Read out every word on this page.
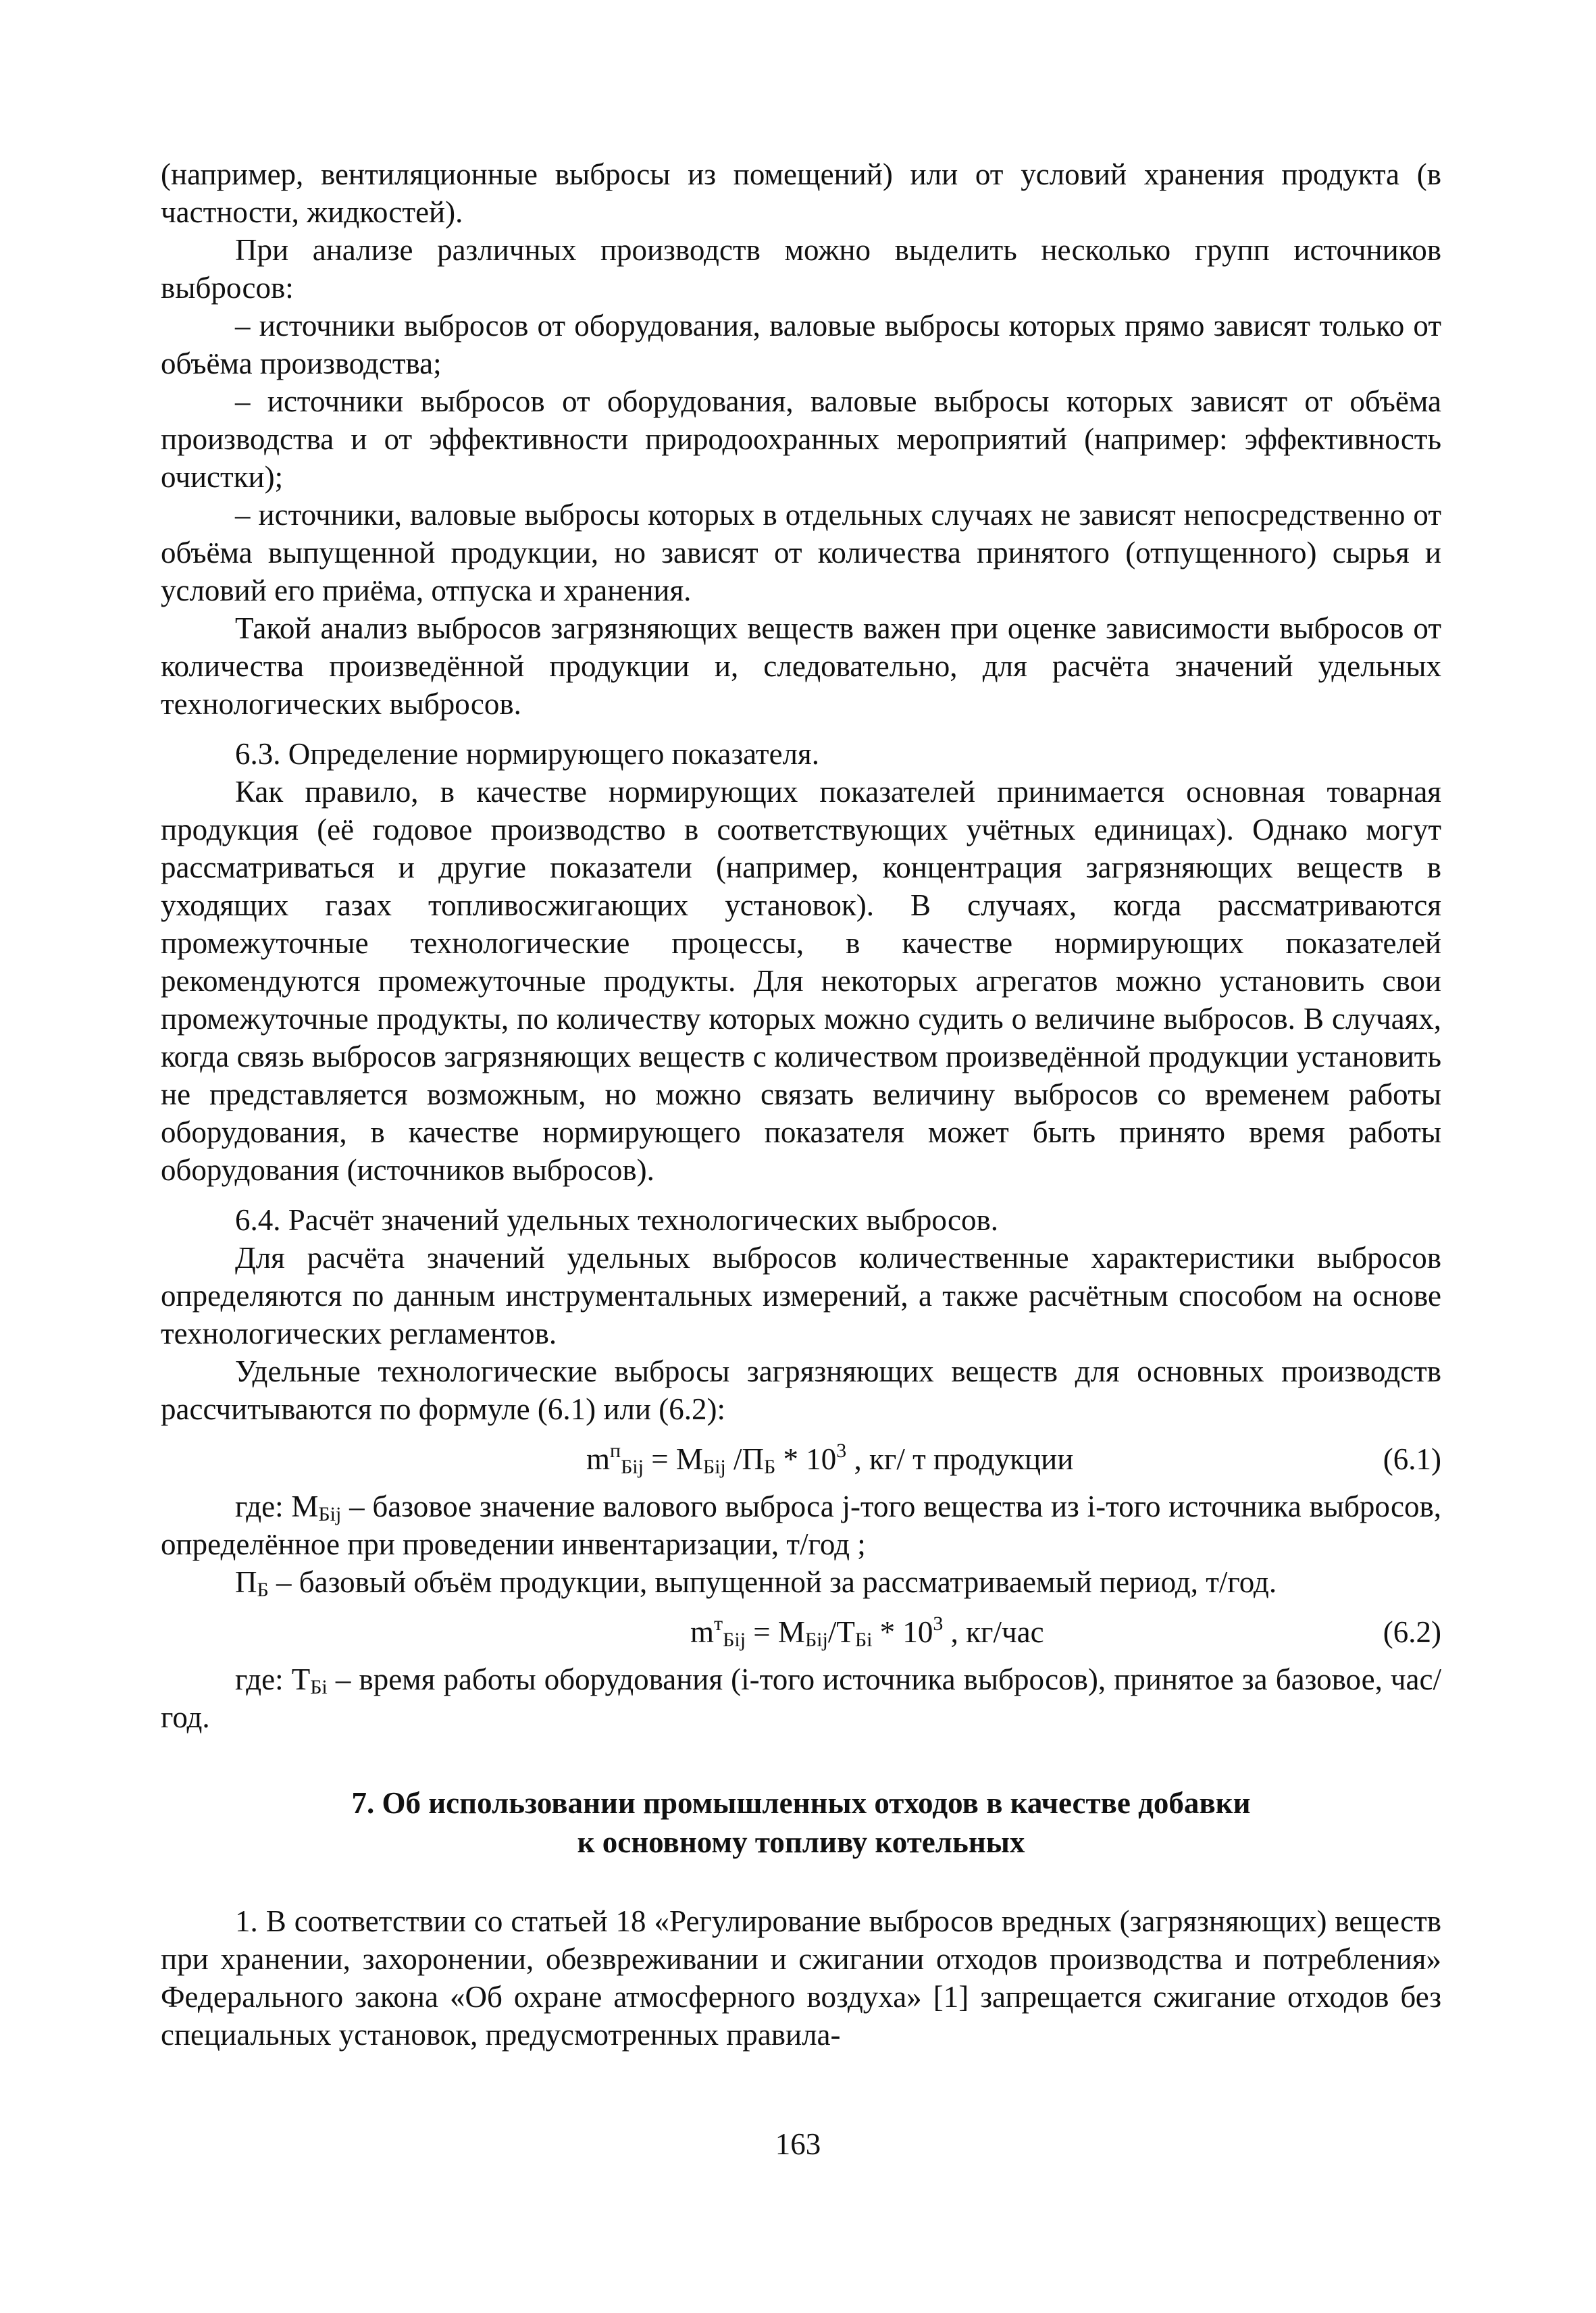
(например, вентиляционные выбросы из помещений) или от условий хранения продукта (в частности, жидкостей).

При анализе различных производств можно выделить несколько групп источников выбросов:

– источники выбросов от оборудования, валовые выбросы которых прямо зависят только от объёма производства;

– источники выбросов от оборудования, валовые выбросы которых зависят от объёма производства и от эффективности природоохранных мероприятий (например: эффективность очистки);

– источники, валовые выбросы которых в отдельных случаях не зависят непосредственно от объёма выпущенной продукции, но зависят от количества принятого (отпущенного) сырья и условий его приёма, отпуска и хранения.

Такой анализ выбросов загрязняющих веществ важен при оценке зависимости выбросов от количества произведённой продукции и, следовательно, для расчёта значений удельных технологических выбросов.

6.3. Определение нормирующего показателя.

Как правило, в качестве нормирующих показателей принимается основная товарная продукция (её годовое производство в соответствующих учётных единицах). Однако могут рассматриваться и другие показатели (например, концентрация загрязняющих веществ в уходящих газах топливосжигающих установок). В случаях, когда рассматриваются промежуточные технологические процессы, в качестве нормирующих показателей рекомендуются промежуточные продукты. Для некоторых агрегатов можно установить свои промежуточные продукты, по количеству которых можно судить о величине выбросов. В случаях, когда связь выбросов загрязняющих веществ с количеством произведённой продукции установить не представляется возможным, но можно связать величину выбросов со временем работы оборудования, в качестве нормирующего показателя может быть принято время работы оборудования (источников выбросов).

6.4. Расчёт значений удельных технологических выбросов.

Для расчёта значений удельных выбросов количественные характеристики выбросов определяются по данным инструментальных измерений, а также расчётным способом на основе технологических регламентов.

Удельные технологические выбросы загрязняющих веществ для основных производств рассчитываются по формуле (6.1) или (6.2):

$m^п_{Бij} = M_{Бij}$ $/П_Б * 10^3$ , кг/ т продукции	(6.1)

где: $M_{Бij}$ – базовое значение валового выброса j-того вещества из i-того источника выбросов, определённое при проведении инвентаризации, т/год ;

$П_Б$ – базовый объём продукции, выпущенной за рассматриваемый период, т/год.

$m^т_{Бij} = M_{Бij}/T_{Бi} * 10^3$ , кг/час	(6.2)

где: $T_{Бi}$ – время работы оборудования (i-того источника выбросов), принятое за базовое, час/год.

7. Об использовании промышленных отходов в качестве добавки
к основному топливу котельных

1. В соответствии со статьей 18 «Регулирование выбросов вредных (загрязняющих) веществ при хранении, захоронении, обезвреживании и сжигании отходов производства и потребления» Федерального закона «Об охране атмосферного воздуха» [1] запрещается сжигание отходов без специальных установок, предусмотренных правила-

163
